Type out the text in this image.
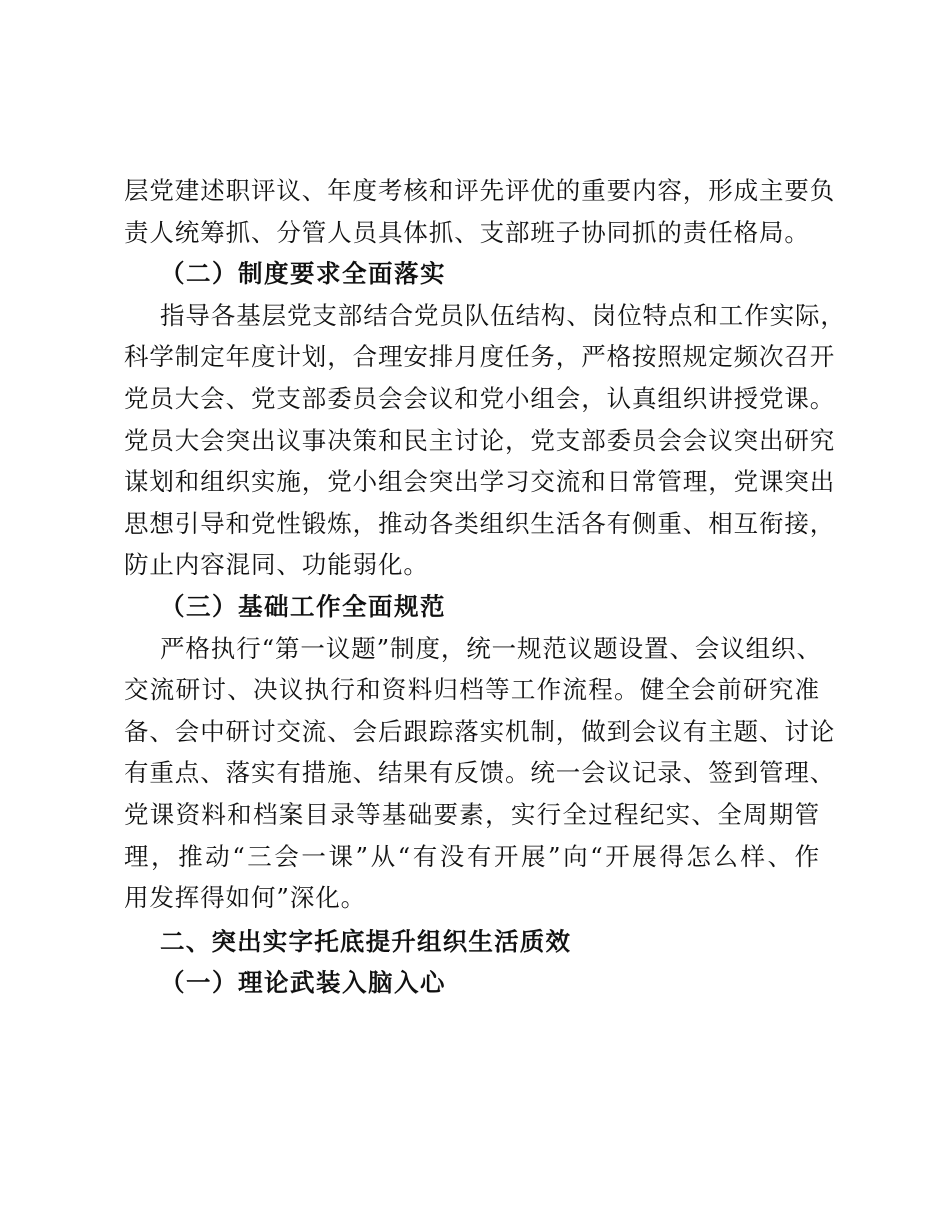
层党建述职评议、年度考核和评先评优的重要内容，形成主要负
责人统筹抓、分管人员具体抓、支部班子协同抓的责任格局。
（二）制度要求全面落实
指导各基层党支部结合党员队伍结构、岗位特点和工作实际，
科学制定年度计划，合理安排月度任务，严格按照规定频次召开
党员大会、党支部委员会会议和党小组会，认真组织讲授党课。
党员大会突出议事决策和民主讨论，党支部委员会会议突出研究
谋划和组织实施，党小组会突出学习交流和日常管理，党课突出
思想引导和党性锻炼，推动各类组织生活各有侧重、相互衔接，
防止内容混同、功能弱化。
（三）基础工作全面规范
严格执行“第一议题”制度，统一规范议题设置、会议组织、
交流研讨、决议执行和资料归档等工作流程。健全会前研究准
备、会中研讨交流、会后跟踪落实机制，做到会议有主题、讨论
有重点、落实有措施、结果有反馈。统一会议记录、签到管理、
党课资料和档案目录等基础要素，实行全过程纪实、全周期管
理，推动“三会一课”从“有没有开展”向“开展得怎么样、作
用发挥得如何”深化。
二、突出实字托底提升组织生活质效
（一）理论武装入脑入心
